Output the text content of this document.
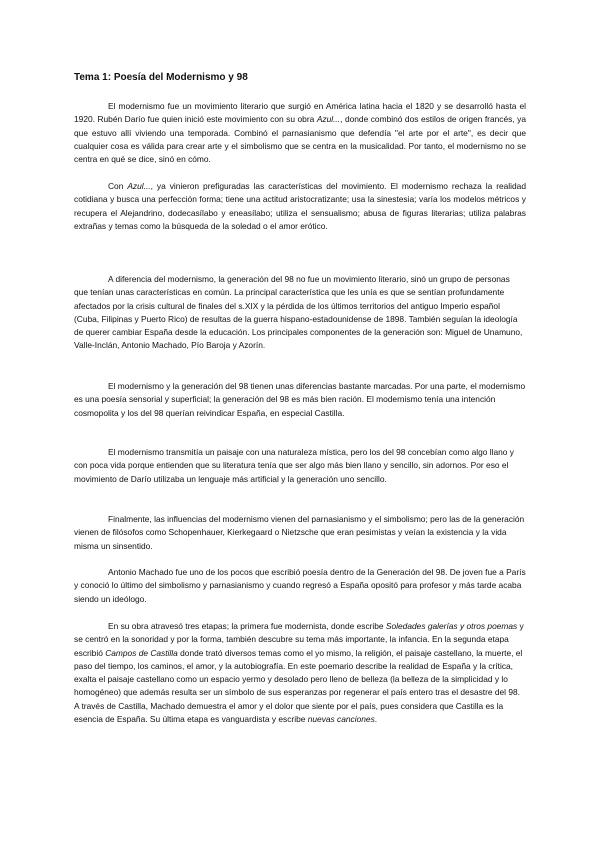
Tema 1: Poesía del Modernismo y 98

El modernismo fue un movimiento literario que surgió en América latina hacia el 1820 y se desarrolló hasta el 1920. Rubén Darío fue quien inició este movimiento con su obra Azul..., donde combinó dos estilos de origen francés, ya que estuvo allí viviendo una temporada. Combinó el parnasianismo que defendía "el arte por el arte", es decir que cualquier cosa es válida para crear arte y el simbolismo que se centra en la musicalidad. Por tanto, el modernismo no se centra en qué se dice, sinó en cómo.

Con Azul..., ya vinieron prefiguradas las características del movimiento. El modernismo rechaza la realidad cotidiana y busca una perfección forma; tiene una actitud aristocratizante; usa la sinestesia; varía los modelos métricos y recupera el Alejandrino, dodecasílabo y eneasílabo; utiliza el sensualismo; abusa de figuras literarias; utiliza palabras extrañas y temas como la búsqueda de la soledad o el amor erótico.

A diferencia del modernismo, la generación del 98 no fue un movimiento literario, sinó un grupo de personas que tenían unas características en común. La principal característica que les unía es que se sentían profundamente afectados por la crisis cultural de finales del s.XIX y la pérdida de los últimos territorios del antiguo Imperio español (Cuba, Filipinas y Puerto Rico) de resultas de la guerra hispano-estadounidense de 1898. También seguían la ideología de querer cambiar España desde la educación. Los principales componentes de la generación son: Miguel de Unamuno, Valle-Inclán, Antonio Machado, Pío Baroja y Azorín.

El modernismo y la generación del 98 tienen unas diferencias bastante marcadas. Por una parte, el modernismo es una poesía sensorial y superficial; la generación del 98 es más bien ración. El modernismo tenía una intención cosmopolita y los del 98 querían reivindicar España, en especial Castilla.

El modernismo transmitía un paisaje con una naturaleza mística, pero los del 98 concebían como algo llano y con poca vida porque entienden que su literatura tenía que ser algo más bien llano y sencillo, sin adornos. Por eso el movimiento de Darío utilizaba un lenguaje más artificial y la generación uno sencillo.

Finalmente, las influencias del modernismo vienen del parnasianismo y el simbolismo; pero las de la generación vienen de filósofos como Schopenhauer, Kierkegaard o Nietzsche que eran pesimistas y veían la existencia y la vida misma un sinsentido.

Antonio Machado fue uno de los pocos que escribió poesía dentro de la Generación del 98. De joven fue a París y conoció lo último del simbolismo y parnasianismo y cuando regresó a España opositó para profesor y más tarde acaba siendo un ideólogo.

En su obra atravesó tres etapas; la primera fue modernista, donde escribe Soledades galerías y otros poemas y se centró en la sonoridad y por la forma, también descubre su tema más importante, la infancia. En la segunda etapa escribió Campos de Castilla donde trató diversos temas como el yo mismo, la religión, el paisaje castellano, la muerte, el paso del tiempo, los caminos, el amor, y la autobiografía. En este poemario describe la realidad de España y la crítica, exalta el paisaje castellano como un espacio yermo y desolado pero lleno de belleza (la belleza de la simplicidad y lo homogéneo) que además resulta ser un símbolo de sus esperanzas por regenerar el país entero tras el desastre del 98. A través de Castilla, Machado demuestra el amor y el dolor que siente por el país, pues considera que Castilla es la esencia de España. Su última etapa es vanguardista y escribe nuevas canciones.
